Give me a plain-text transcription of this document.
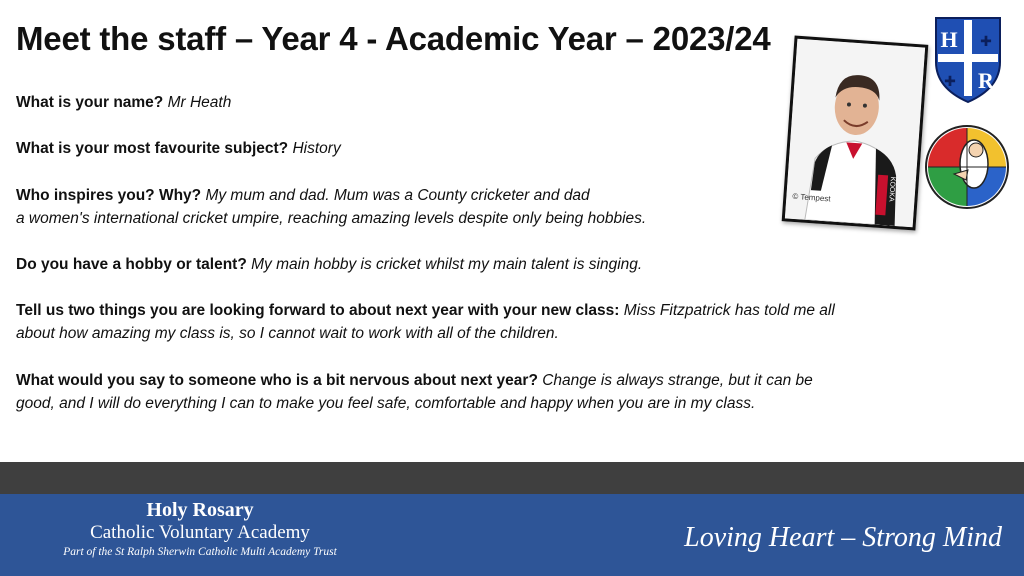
Meet the staff – Year 4 - Academic Year – 2023/24
What is your name? Mr Heath
What is your most favourite subject? History
Who inspires you? Why? My mum and dad. Mum was a County cricketer and dad
a women's international cricket umpire, reaching amazing levels despite only being hobbies.
Do you have a hobby or talent? My main hobby is cricket whilst my main talent is singing.
Tell us two things you are looking forward to about next year with your new class: Miss Fitzpatrick has told me all
about how amazing my class is, so I cannot wait to work with all of the children.
What would you say to someone who is a bit nervous about next year? Change is always strange, but it can be
good, and I will do everything I can to make you feel safe, comfortable and happy when you are in my class.
© Tempest	KOOKA
H
R
✚
✚
Holy Rosary
Catholic Voluntary Academy
Part of the St Ralph Sherwin Catholic Multi Academy Trust	Loving Heart – Strong Mind
